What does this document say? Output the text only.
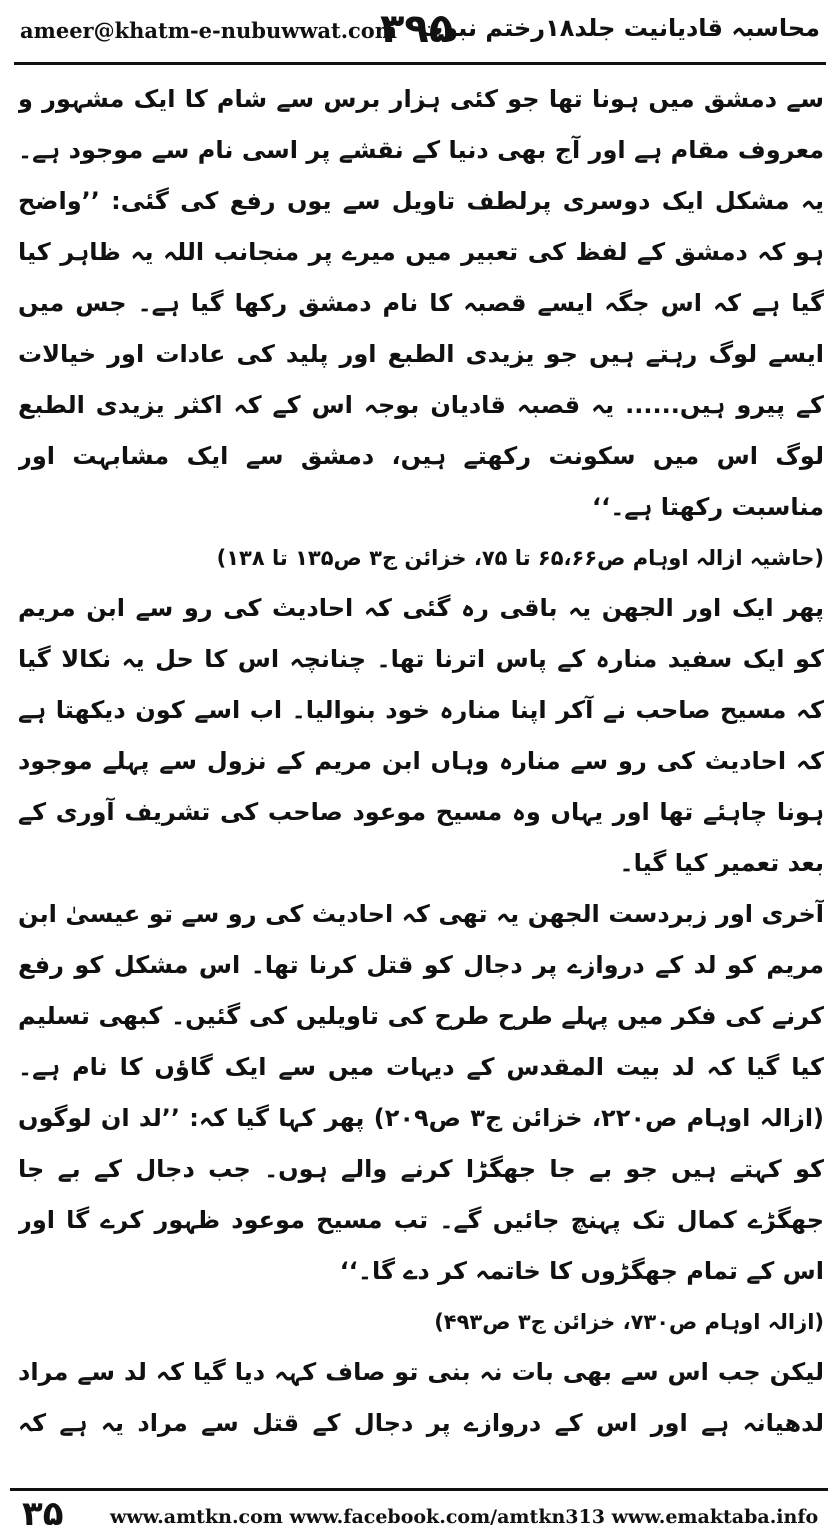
ameer@khatm-e-nubuwwat.com
۳۹۵
محاسبہ قادیانیت جلد۱۸رختم نبوت

سے دمشق میں ہونا تھا جو کئی ہزار برس سے شام کا ایک مشہور و معروف مقام ہے اور آج بھی دنیا کے نقشے پر اسی نام سے موجود ہے۔ یہ مشکل ایک دوسری پرلطف تاویل سے یوں رفع کی گئی: ’’واضح ہو کہ دمشق کے لفظ کی تعبیر میں میرے پر منجانب اللہ یہ ظاہر کیا گیا ہے کہ اس جگہ ایسے قصبہ کا نام دمشق رکھا گیا ہے۔ جس میں ایسے لوگ رہتے ہیں جو یزیدی الطبع اور پلید کی عادات اور خیالات کے پیرو ہیں...... یہ قصبہ قادیان بوجہ اس کے کہ اکثر یزیدی الطبع لوگ اس میں سکونت رکھتے ہیں، دمشق سے ایک مشابہت اور مناسبت رکھتا ہے۔‘‘

(حاشیہ ازالہ اوہام ص۶۵،۶۶ تا ۷۵، خزائن ج۳ ص۱۳۵ تا ۱۳۸)

پھر ایک اور الجھن یہ باقی رہ گئی کہ احادیث کی رو سے ابن مریم کو ایک سفید منارہ کے پاس اترنا تھا۔ چنانچہ اس کا حل یہ نکالا گیا کہ مسیح صاحب نے آکر اپنا منارہ خود بنوالیا۔ اب اسے کون دیکھتا ہے کہ احادیث کی رو سے منارہ وہاں ابن مریم کے نزول سے پہلے موجود ہونا چاہئے تھا اور یہاں وہ مسیح موعود صاحب کی تشریف آوری کے بعد تعمیر کیا گیا۔

آخری اور زبردست الجھن یہ تھی کہ احادیث کی رو سے تو عیسیٰ ابن مریم کو لد کے دروازے پر دجال کو قتل کرنا تھا۔ اس مشکل کو رفع کرنے کی فکر میں پہلے طرح طرح کی تاویلیں کی گئیں۔ کبھی تسلیم کیا گیا کہ لد بیت المقدس کے دیہات میں سے ایک گاؤں کا نام ہے۔ (ازالہ اوہام ص۲۲۰، خزائن ج۳ ص۲۰۹) پھر کہا گیا کہ: ’’لد ان لوگوں کو کہتے ہیں جو بے جا جھگڑا کرنے والے ہوں۔ جب دجال کے بے جا جھگڑے کمال تک پہنچ جائیں گے۔ تب مسیح موعود ظہور کرے گا اور اس کے تمام جھگڑوں کا خاتمہ کر دے گا۔‘‘

(ازالہ اوہام ص۷۳۰، خزائن ج۳ ص۴۹۳)

لیکن جب اس سے بھی بات نہ بنی تو صاف کہہ دیا گیا کہ لد سے مراد لدھیانہ ہے اور اس کے دروازے پر دجال کے قتل سے مراد یہ ہے کہ

۳۵ www.amtkn.com www.facebook.com/amtkn313 www.emaktaba.info
